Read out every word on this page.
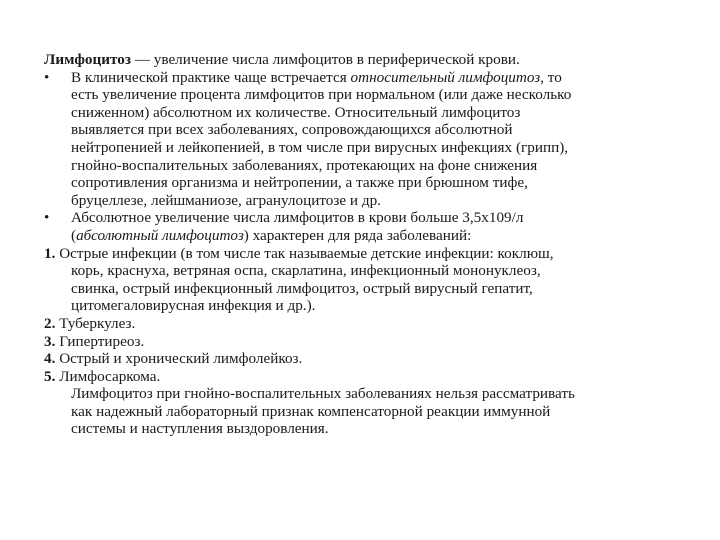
Лимфоцитоз — увеличение числа лимфоцитов в периферической крови.
• В клинической практике чаще встречается относительный лимфоцитоз, то
есть увеличение процента лимфоцитов при нормальном (или даже несколько
сниженном) абсолютном их количестве. Относительный лимфоцитоз
выявляется при всех заболеваниях, сопровождающихся абсолютной
нейтропенией и лейкопенией, в том числе при вирусных инфекциях (грипп),
гнойно-воспалительных заболеваниях, протекающих на фоне снижения
сопротивления организма и нейтропении, а также при брюшном тифе,
бруцеллезе, лейшманиозе, агранулоцитозе и др.
• Абсолютное увеличение числа лимфоцитов в крови больше 3,5х109/л
(абсолютный лимфоцитоз) характерен для ряда заболеваний:
1. Острые инфекции (в том числе так называемые детские инфекции: коклюш,
корь, краснуха, ветряная оспа, скарлатина, инфекционный мононуклеоз,
свинка, острый инфекционный лимфоцитоз, острый вирусный гепатит,
цитомегаловирусная инфекция и др.).
2. Туберкулез.
3. Гипертиреоз.
4. Острый и хронический лимфолейкоз.
5. Лимфосаркома.
Лимфоцитоз при гнойно-воспалительных заболеваниях нельзя рассматривать
как надежный лабораторный признак компенсаторной реакции иммунной
системы и наступления выздоровления.
